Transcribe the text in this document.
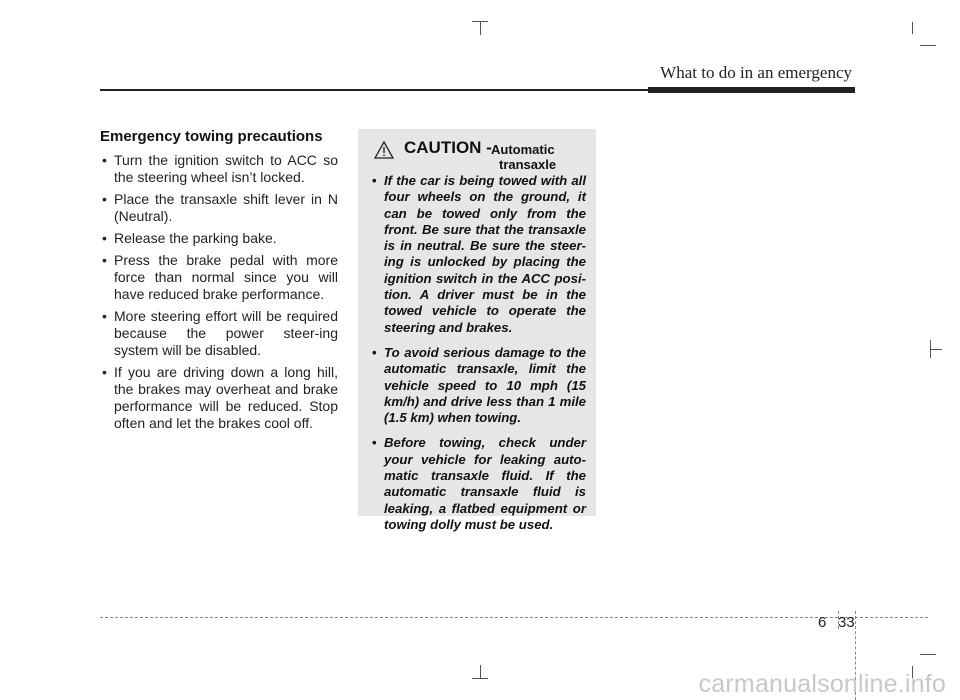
What to do in an emergency
Emergency towing precautions
• Turn the ignition switch to ACC so the steering wheel isn’t locked.
• Place the transaxle shift lever in N (Neutral).
• Release the parking bake.
• Press the brake pedal with more force than normal since you will have reduced brake performance.
• More steering effort will be required because the power steer-ing system will be disabled.
• If you are driving down a long hill, the brakes may overheat and brake performance will be reduced. Stop often and let the brakes cool off.
CAUTION - Automatic
transaxle
• If the car is being towed with all four wheels on the ground, it can be towed only from the front. Be sure that the transaxle is in neutral. Be sure the steer-ing is unlocked by placing the ignition switch in the ACC posi-tion. A driver must be in the towed vehicle to operate the steering and brakes.
• To avoid serious damage to the automatic transaxle, limit the vehicle speed to 10 mph (15 km/h) and drive less than 1 mile (1.5 km) when towing.
• Before towing, check under your vehicle for leaking auto-matic transaxle fluid. If the automatic transaxle fluid is leaking, a flatbed equipment or towing dolly must be used.
6 33
carmanualsonline.info
